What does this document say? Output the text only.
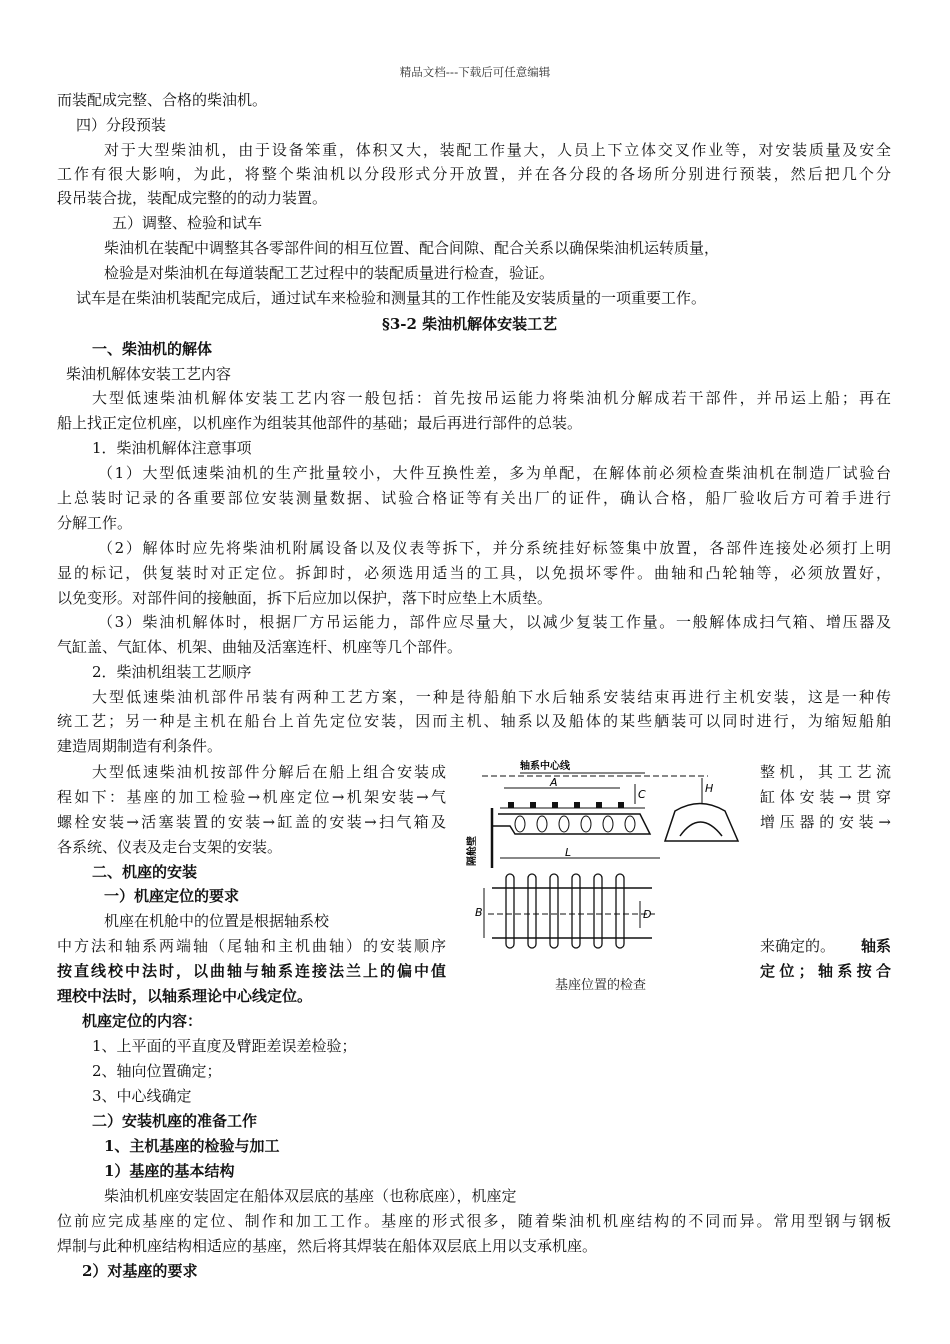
精品文档---下载后可任意编辑
而装配成完整、合格的柴油机。
四）分段预装
对于大型柴油机，由于设备笨重，体积又大，装配工作量大，人员上下立体交叉作业等，对安装质量及安全
工作有很大影响，为此，将整个柴油机以分段形式分开放置，并在各分段的各场所分别进行预装，然后把几个分
段吊装合拢，装配成完整的的动力装置。
五）调整、检验和试车
柴油机在装配中调整其各零部件间的相互位置、配合间隙、配合关系以确保柴油机运转质量，
检验是对柴油机在每道装配工艺过程中的装配质量进行检查，验证。
试车是在柴油机装配完成后，通过试车来检验和测量其的工作性能及安装质量的一项重要工作。
§3-2 柴油机解体安装工艺
一、柴油机的解体
柴油机解体安装工艺内容
大型低速柴油机解体安装工艺内容一般包括：首先按吊运能力将柴油机分解成若干部件，并吊运上船；再在
船上找正定位机座，以机座作为组装其他部件的基础；最后再进行部件的总装。
1．柴油机解体注意事项
（1）大型低速柴油机的生产批量较小，大件互换性差，多为单配，在解体前必须检查柴油机在制造厂试验台
上总装时记录的各重要部位安装测量数据、试验合格证等有关出厂的证件，确认合格，船厂验收后方可着手进行
分解工作。
（2）解体时应先将柴油机附属设备以及仪表等拆下，并分系统挂好标签集中放置，各部件连接处必须打上明
显的标记，供复装时对正定位。拆卸时，必须选用适当的工具，以免损坏零件。曲轴和凸轮轴等，必须放置好，
以免变形。对部件间的接触面，拆下后应加以保护，落下时应垫上木质垫。
（3）柴油机解体时，根据厂方吊运能力，部件应尽量大，以减少复装工作量。一般解体成扫气箱、增压器及
气缸盖、气缸体、机架、曲轴及活塞连杆、机座等几个部件。
2．柴油机组装工艺顺序
大型低速柴油机部件吊装有两种工艺方案，一种是待船舶下水后轴系安装结束再进行主机安装，这是一种传
统工艺；另一种是主机在船台上首先定位安装，因而主机、轴系以及船体的某些舾装可以同时进行，为缩短船舶
建造周期制造有利条件。
大型低速柴油机按部件分解后在船上组合安装成	整机，其工艺流
程如下：基座的加工检验→机座定位→机架安装→气	缸体安装→贯穿
螺栓安装→活塞装置的安装→缸盖的安装→扫气箱及	增压器的安装→
各系统、仪表及走台支架的安装。
二、机座的安装
一）机座定位的要求
机座在机舱中的位置是根据轴系校
中方法和轴系两端轴（尾轴和主机曲轴）的安装顺序	来确定的。 轴系
按直线校中法时，以曲轴与轴系连接法兰上的偏中值	定位；轴系按合
理校中法时，以轴系理论中心线定位。
机座定位的内容：
1、上平面的平直度及臂距差误差检验；
2、轴向位置确定；
3、中心线确定
二）安装机座的准备工作
1、主机基座的检验与加工
1）基座的基本结构
柴油机机座安装固定在船体双层底的基座（也称底座），机座定
位前应完成基座的定位、制作和加工工作。基座的形式很多，随着柴油机机座结构的不同而异。常用型钢与钢板
焊制与此种机座结构相适应的基座，然后将其焊装在船体双层底上用以支承机座。
2）对基座的要求
轴系中心线
隔舱壁
A
C	H
L
B	D
基座位置的检查
